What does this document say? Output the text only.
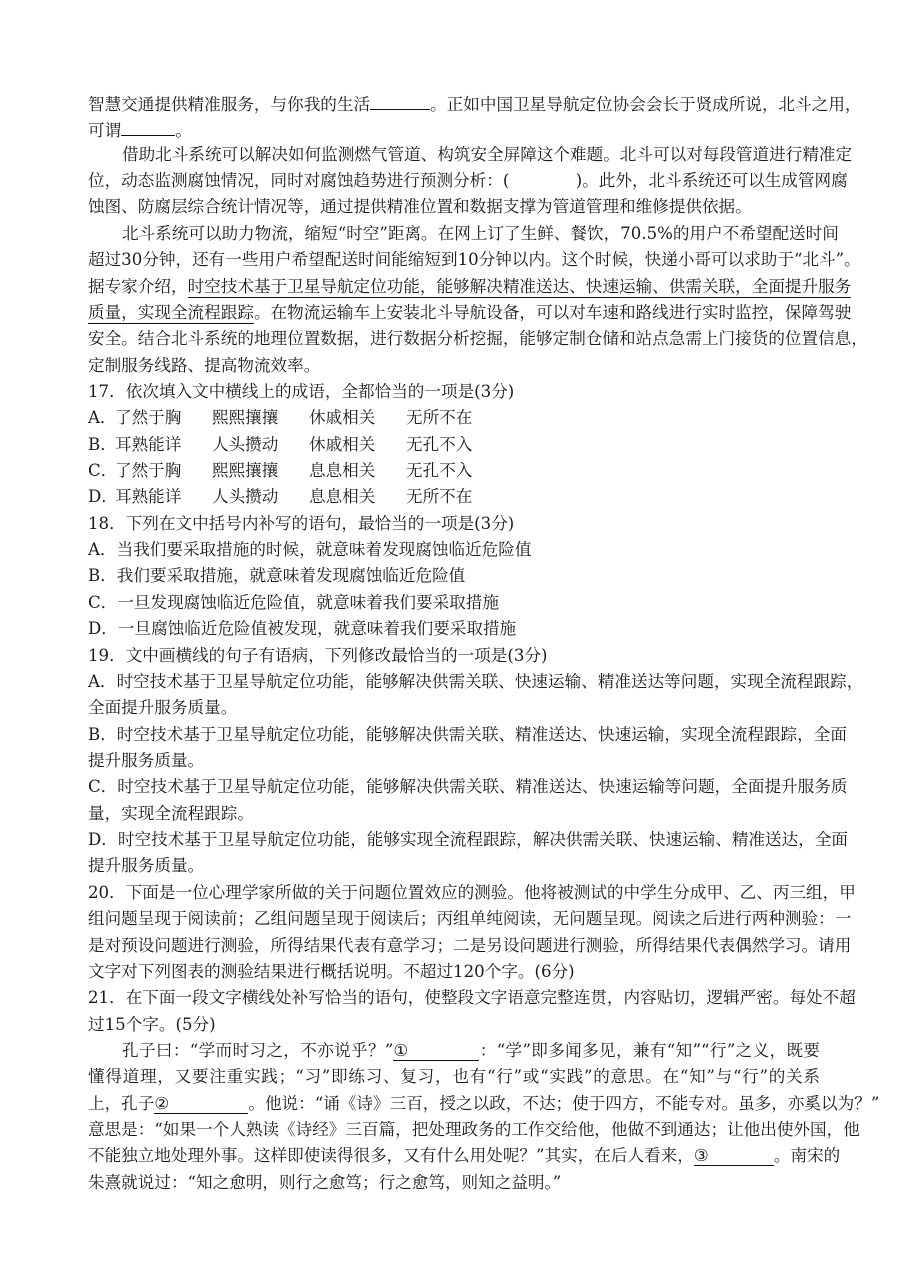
智慧交通提供精准服务，与你我的生活	。正如中国卫星导航定位协会会长于贤成所说，北斗之用，
可谓	。
借助北斗系统可以解决如何监测燃气管道、构筑安全屏障这个难题。北斗可以对每段管道进行精准定
位，动态监测腐蚀情况，同时对腐蚀趋势进行预测分析：(　　　　)。此外，北斗系统还可以生成管网腐
蚀图、防腐层综合统计情况等，通过提供精准位置和数据支撑为管道管理和维修提供依据。
北斗系统可以助力物流，缩短“时空”距离。在网上订了生鲜、餐饮，70.5%的用户不希望配送时间
超过30分钟，还有一些用户希望配送时间能缩短到10分钟以内。这个时候，快递小哥可以求助于“北斗”。
据专家介绍，时空技术基于卫星导航定位功能，能够解决精准送达、快速运输、供需关联，全面提升服务
质量，实现全流程跟踪。在物流运输车上安装北斗导航设备，可以对车速和路线进行实时监控，保障驾驶
安全。结合北斗系统的地理位置数据，进行数据分析挖掘，能够定制仓储和站点急需上门接货的位置信息，
定制服务线路、提高物流效率。
17．依次填入文中横线上的成语，全都恰当的一项是(3分)
A．了然于胸 熙熙攘攘 休戚相关 无所不在
B．耳熟能详 人头攒动 休戚相关 无孔不入
C．了然于胸 熙熙攘攘 息息相关 无孔不入
D．耳熟能详 人头攒动 息息相关 无所不在
18．下列在文中括号内补写的语句，最恰当的一项是(3分)
A．当我们要采取措施的时候，就意味着发现腐蚀临近危险值
B．我们要采取措施，就意味着发现腐蚀临近危险值
C．一旦发现腐蚀临近危险值，就意味着我们要采取措施
D．一旦腐蚀临近危险值被发现，就意味着我们要采取措施
19．文中画横线的句子有语病，下列修改最恰当的一项是(3分)
A．时空技术基于卫星导航定位功能，能够解决供需关联、快速运输、精准送达等问题，实现全流程跟踪，
全面提升服务质量。
B．时空技术基于卫星导航定位功能，能够解决供需关联、精准送达、快速运输，实现全流程跟踪，全面
提升服务质量。
C．时空技术基于卫星导航定位功能，能够解决供需关联、精准送达、快速运输等问题，全面提升服务质
量，实现全流程跟踪。
D．时空技术基于卫星导航定位功能，能够实现全流程跟踪，解决供需关联、快速运输、精准送达，全面
提升服务质量。
20．下面是一位心理学家所做的关于问题位置效应的测验。他将被测试的中学生分成甲、乙、丙三组，甲
组问题呈现于阅读前；乙组问题呈现于阅读后；丙组单纯阅读，无问题呈现。阅读之后进行两种测验：一
是对预设问题进行测验，所得结果代表有意学习；二是另设问题进行测验，所得结果代表偶然学习。请用
文字对下列图表的测验结果进行概括说明。不超过120个字。(6分)
21．在下面一段文字横线处补写恰当的语句，使整段文字语意完整连贯，内容贴切，逻辑严密。每处不超
过15个字。(5分)
孔子曰：“学而时习之，不亦说乎？”①	：“学”即多闻多见，兼有“知”“行”之义，既要
懂得道理，又要注重实践；“习”即练习、复习，也有“行”或“实践”的意思。在“知”与“行”的关系
上，孔子②	。他说：“诵《诗》三百，授之以政，不达；使于四方，不能专对。虽多，亦奚以为？”
意思是：“如果一个人熟读《诗经》三百篇，把处理政务的工作交给他，他做不到通达；让他出使外国，他
不能独立地处理外事。这样即使读得很多，又有什么用处呢？”其实，在后人看来，③	。南宋的
朱熹就说过：“知之愈明，则行之愈笃；行之愈笃，则知之益明。”
